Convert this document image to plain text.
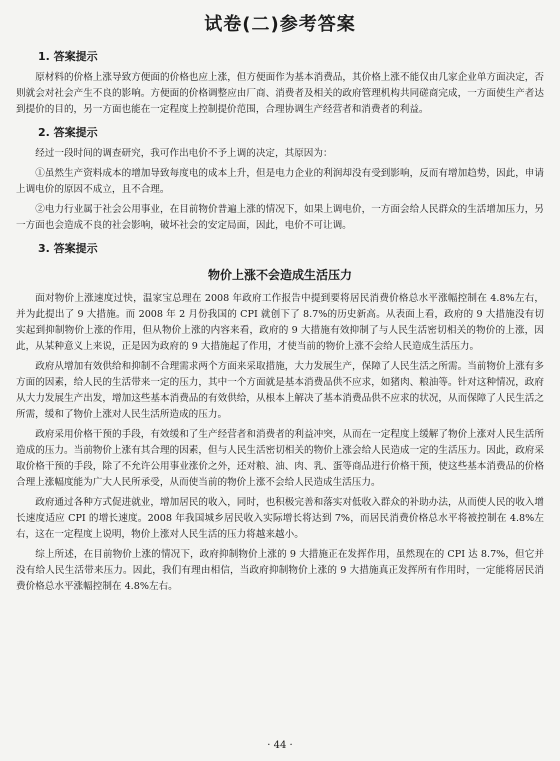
试卷(二)参考答案
1. 答案提示

原材料的价格上涨导致方便面的价格也应上涨，但方便面作为基本消费品，其价格上涨不能仅由几家企业单方面决定，否则就会对社会产生不良的影响。方便面的价格调整应由厂商、消费者及相关的政府管理机构共同磋商完成，一方面使生产者达到提价的目的，另一方面也能在一定程度上控制提价范围，合理协调生产经营者和消费者的利益。

2. 答案提示

经过一段时间的调查研究，我可作出电价不予上调的决定，其原因为：

①虽然生产资料成本的增加导致每度电的成本上升，但是电力企业的利润却没有受到影响，反而有增加趋势，因此，申请上调电价的原因不成立，且不合理。

②电力行业属于社会公用事业，在目前物价普遍上涨的情况下，如果上调电价，一方面会给人民群众的生活增加压力，另一方面也会造成不良的社会影响，破坏社会的安定局面，因此，电价不可让调。

3. 答案提示
物价上涨不会造成生活压力

面对物价上涨速度过快，温家宝总理在 2008 年政府工作报告中提到要将居民消费价格总水平涨幅控制在 4.8%左右，并为此提出了 9 大措施。而 2008 年 2 月份我国的 CPI 就创下了 8.7%的历史新高。从表面上看，政府的 9 大措施没有切实起到抑制物价上涨的作用，但从物价上涨的内容来看，政府的 9 大措施有效抑制了与人民生活密切相关的物价的上涨，因此，从某种意义上来说，正是因为政府的 9 大措施起了作用，才使当前的物价上涨不会给人民造成生活压力。

政府从增加有效供给和抑制不合理需求两个方面来采取措施，大力发展生产，保障了人民生活之所需。当前物价上涨有多方面的因素，给人民的生活带来一定的压力，其中一个方面就是基本消费品供不应求，如猪肉、粮油等。针对这种情况，政府从大力发展生产出发，增加这些基本消费品的有效供给，从根本上解决了基本消费品供不应求的状况，从而保障了人民生活之所需，缓和了物价上涨对人民生活所造成的压力。

政府采用价格干预的手段，有效缓和了生产经营者和消费者的利益冲突，从而在一定程度上缓解了物价上涨对人民生活所造成的压力。当前物价上涨有其合理的因素，但与人民生活密切相关的物价上涨会给人民造成一定的生活压力。因此，政府采取价格干预的手段，除了不允许公用事业涨价之外，还对粮、油、肉、乳、蛋等商品进行价格干预，使这些基本消费品的价格合理上涨幅度能为广大人民所承受，从而使当前的物价上涨不会给人民造成生活压力。

政府通过各种方式促进就业，增加居民的收入，同时，也积极完善和落实对低收入群众的补助办法，从而使人民的收入增长速度适应 CPI 的增长速度。2008 年我国城乡居民收入实际增长将达到 7%，而居民消费价格总水平将被控制在 4.8%左右，这在一定程度上说明，物价上涨对人民生活的压力将越来越小。

综上所述，在目前物价上涨的情况下，政府抑制物价上涨的 9 大措施正在发挥作用，虽然现在的 CPI 达 8.7%，但它并没有给人民生活带来压力。因此，我们有理由相信，当政府抑制物价上涨的 9 大措施真正发挥所有作用时，一定能将居民消费价格总水平涨幅控制在 4.8%左右。

· 44 ·
